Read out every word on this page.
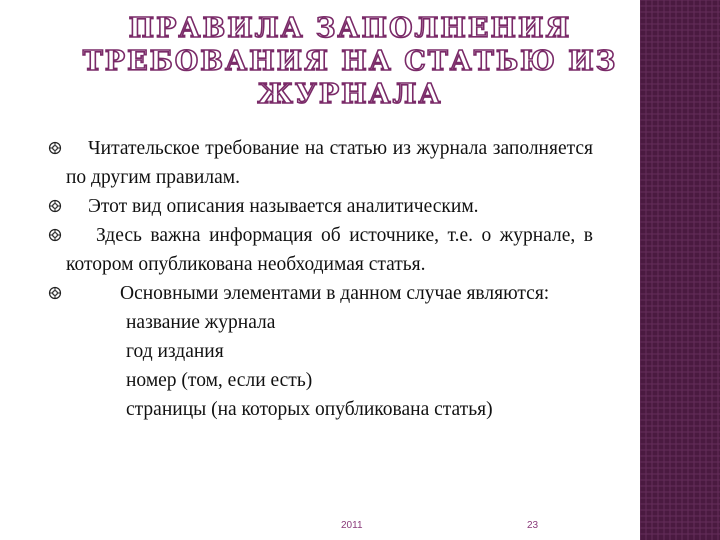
ПРАВИЛА ЗАПОЛНЕНИЯ
ТРЕБОВАНИЯ НА СТАТЬЮ ИЗ
ЖУРНАЛА

Читательское требование на статью из журнала заполняется по другим правилам.

Этот вид описания называется аналитическим.

Здесь важна информация об источнике, т.е. о журнале, в котором опубликована необходимая статья.

Основными элементами в данном случае являются:

название журнала

год издания

номер (том, если есть)

страницы (на которых опубликована статья)

2011	23
